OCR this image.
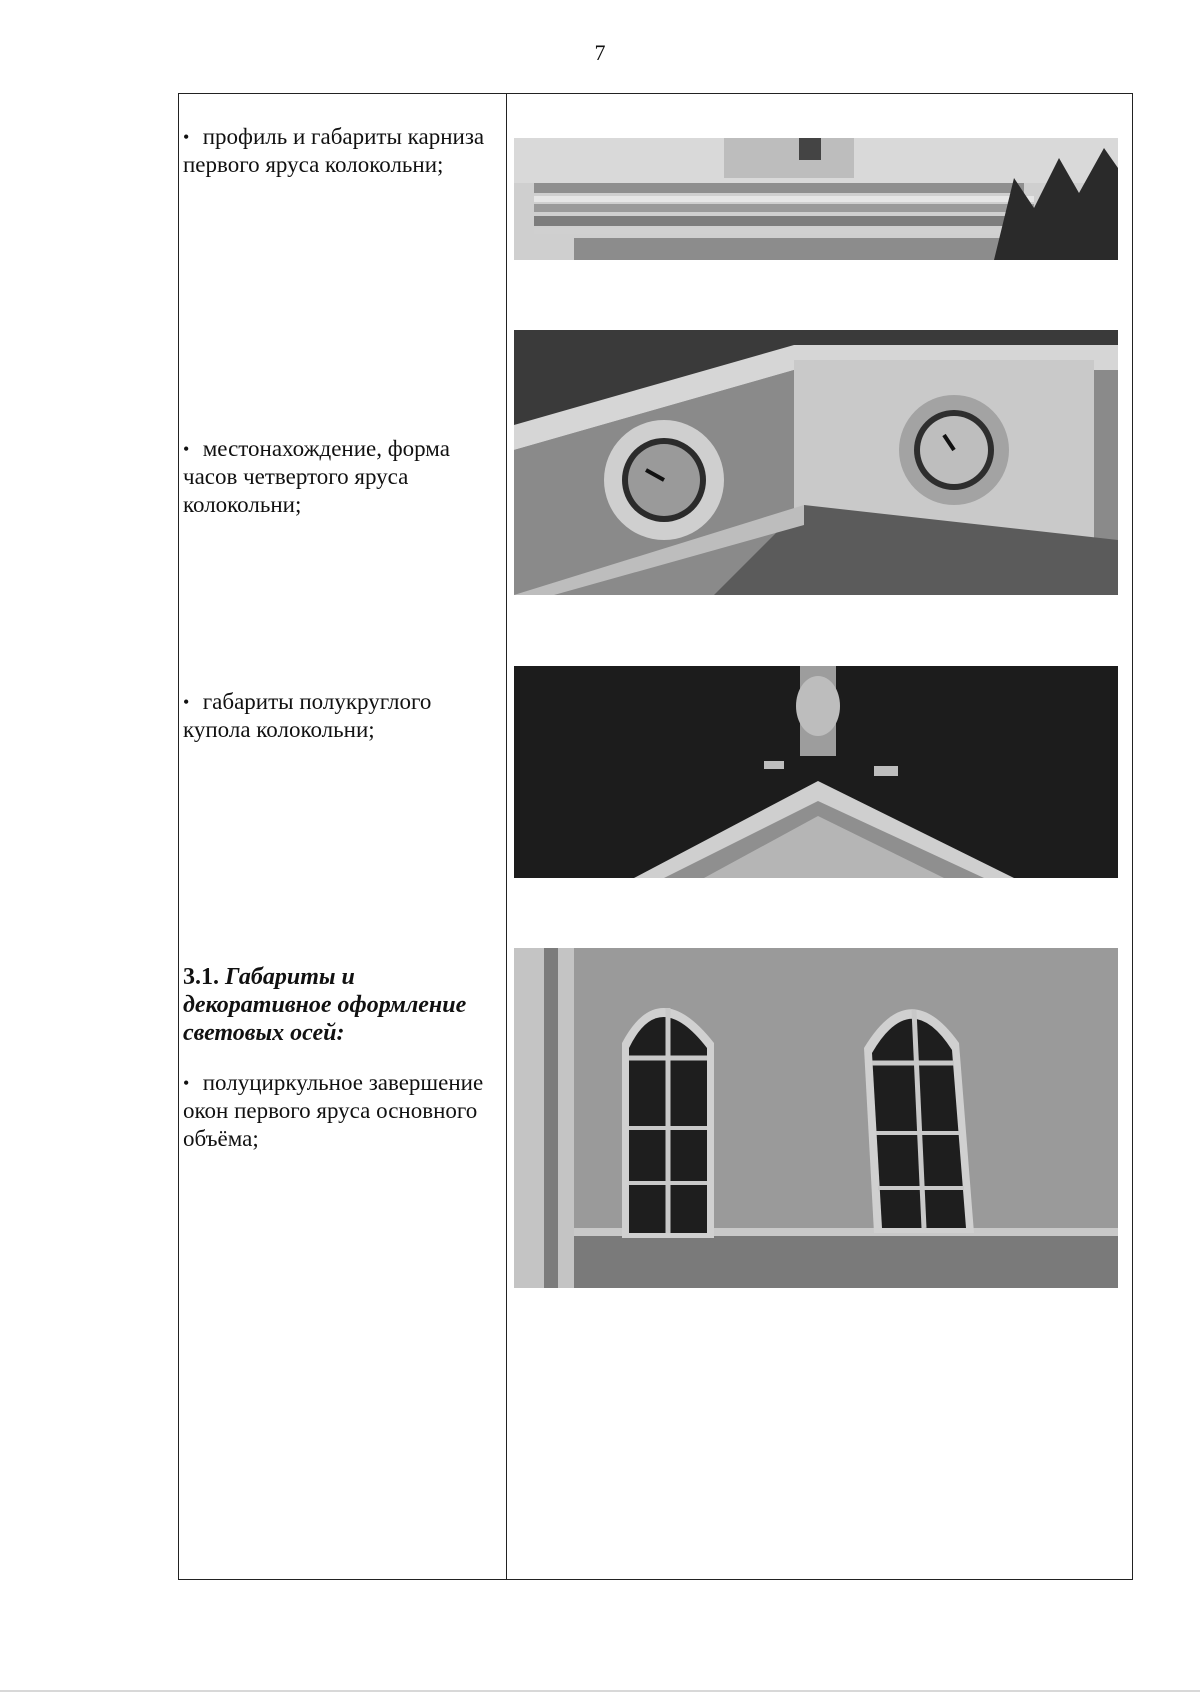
7
• профиль и габариты карниза первого яруса колокольни;
• местонахождение, форма часов четвертого яруса колокольни;
• габариты полукруглого купола колокольни;
3.1. Габариты и декоративное оформление световых осей:
• полуциркульное завершение окон первого яруса основного объёма;
